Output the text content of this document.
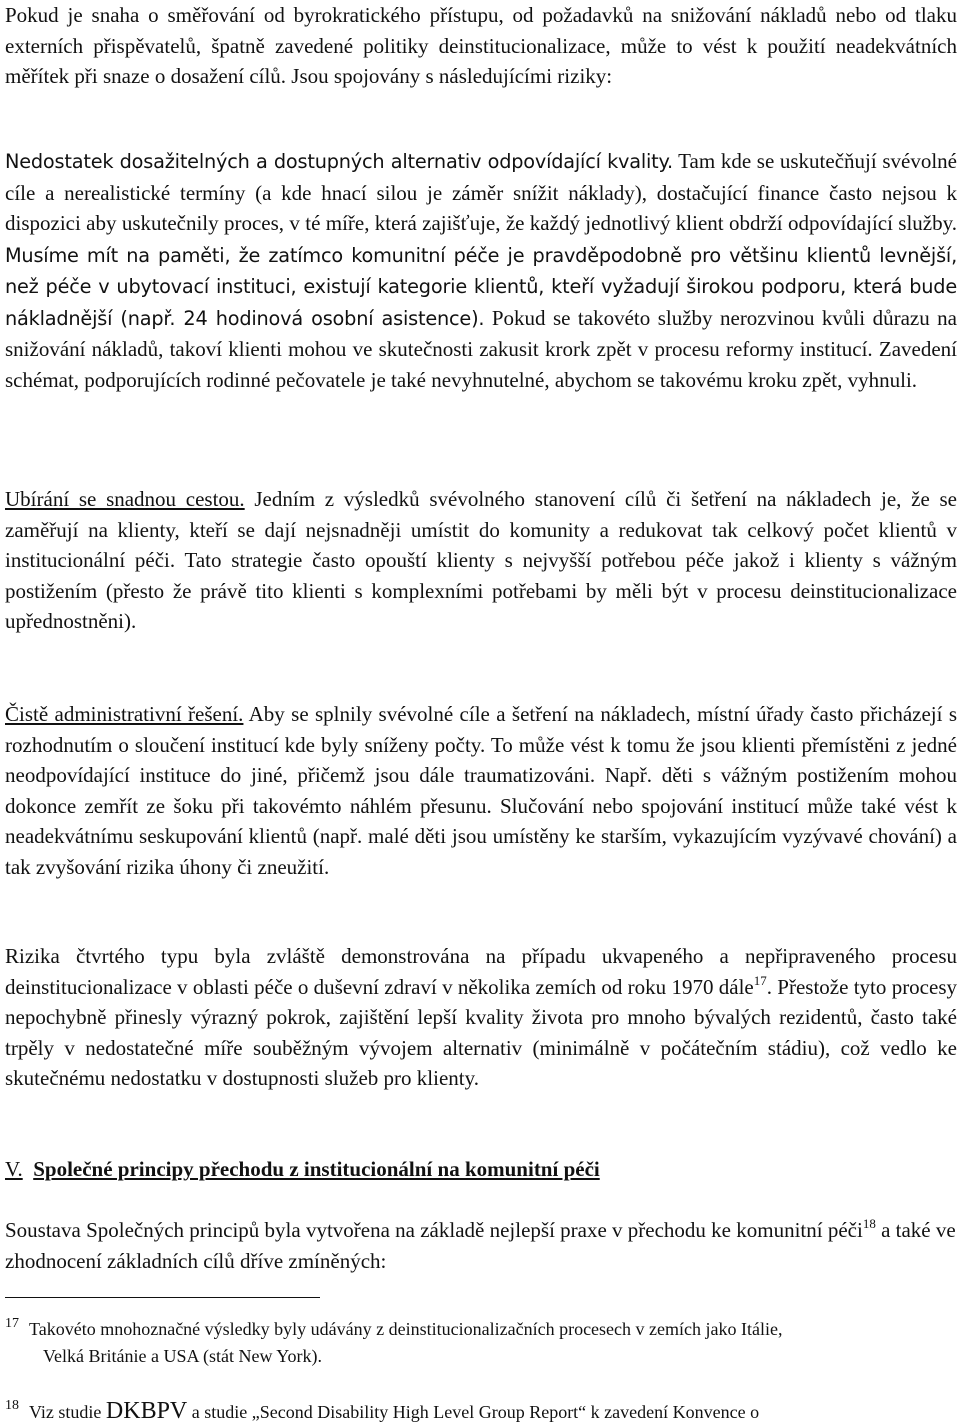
Pokud je snaha o směřování od byrokratického přístupu, od požadavků na snižování nákladů nebo od tlaku externích přispěvatelů, špatně zavedené politiky deinstitucionalizace, může to vést k použití neadekvátních měřítek při snaze o dosažení cílů. Jsou spojovány s následujícími riziky:

Nedostatek dosažitelných a dostupných alternativ odpovídající kvality. Tam kde se uskutečňují svévolné cíle a nerealistické termíny (a kde hnací silou je záměr snížit náklady), dostačující finance často nejsou k dispozici aby uskutečnily proces, v té míře, která zajišťuje, že každý jednotlivý klient obdrží odpovídající služby. Musíme mít na paměti, že zatímco komunitní péče je pravděpodobně pro většinu klientů levnější, než péče v ubytovací instituci, existují kategorie klientů, kteří vyžadují širokou podporu, která bude nákladnější (např. 24 hodinová osobní asistence). Pokud se takovéto služby nerozvinou kvůli důrazu na snižování nákladů, takoví klienti mohou ve skutečnosti zakusit krork zpět v procesu reformy institucí. Zavedení schémat, podporujících rodinné pečovatele je také nevyhnutelné, abychom se takovému kroku zpět, vyhnuli.

Ubírání se snadnou cestou. Jedním z výsledků svévolného stanovení cílů či šetření na nákladech je, že se zaměřují na klienty, kteří se dají nejsnadněji umístit do komunity a redukovat tak celkový počet klientů v institucionální péči. Tato strategie často opouští klienty s nejvyšší potřebou péče jakož i klienty s vážným postižením (přesto že právě tito klienti s komplexními potřebami by měli být v procesu deinstitucionalizace upřednostněni).

Čistě administrativní řešení. Aby se splnily svévolné cíle a šetření na nákladech, místní úřady často přicházejí s rozhodnutím o sloučení institucí kde byly sníženy počty. To může vést k tomu že jsou klienti přemístěni z jedné neodpovídající instituce do jiné, přičemž jsou dále traumatizováni. Např. děti s vážným postižením mohou dokonce zemřít ze šoku při takovémto náhlém přesunu. Slučování nebo spojování institucí může také vést k neadekvátnímu seskupování klientů (např. malé děti jsou umístěny ke starším, vykazujícím vyzývavé chování) a tak zvyšování rizika úhony či zneužití.

Rizika čtvrtého typu byla zvláště demonstrována na případu ukvapeného a nepřipraveného procesu deinstitucionalizace v oblasti péče o duševní zdraví v několika zemích od roku 1970 dále$^{17}$. Přestože tyto procesy nepochybně přinesly výrazný pokrok, zajištění lepší kvality života pro mnoho bývalých rezidentů, často také trpěly v nedostatečné míře souběžným vývojem alternativ (minimálně v počátečním stádiu), což vedlo ke skutečnému nedostatku v dostupnosti služeb pro klienty.

V. Společné principy přechodu z institucionální na komunitní péči

Soustava Společných principů byla vytvořena na základě nejlepší praxe v přechodu ke komunitní péči$^{18}$ a také ve zhodnocení základních cílů dříve zmíněných:

17 Takovéto mnohoznačné výsledky byly udávány z deinstitucionalizačních procesech v zemích jako Itálie,
Velká Británie a USA (stát New York).
18 Viz studie DKBPV a studie „Second Disability High Level Group Report“ k zavedení Konvence o
